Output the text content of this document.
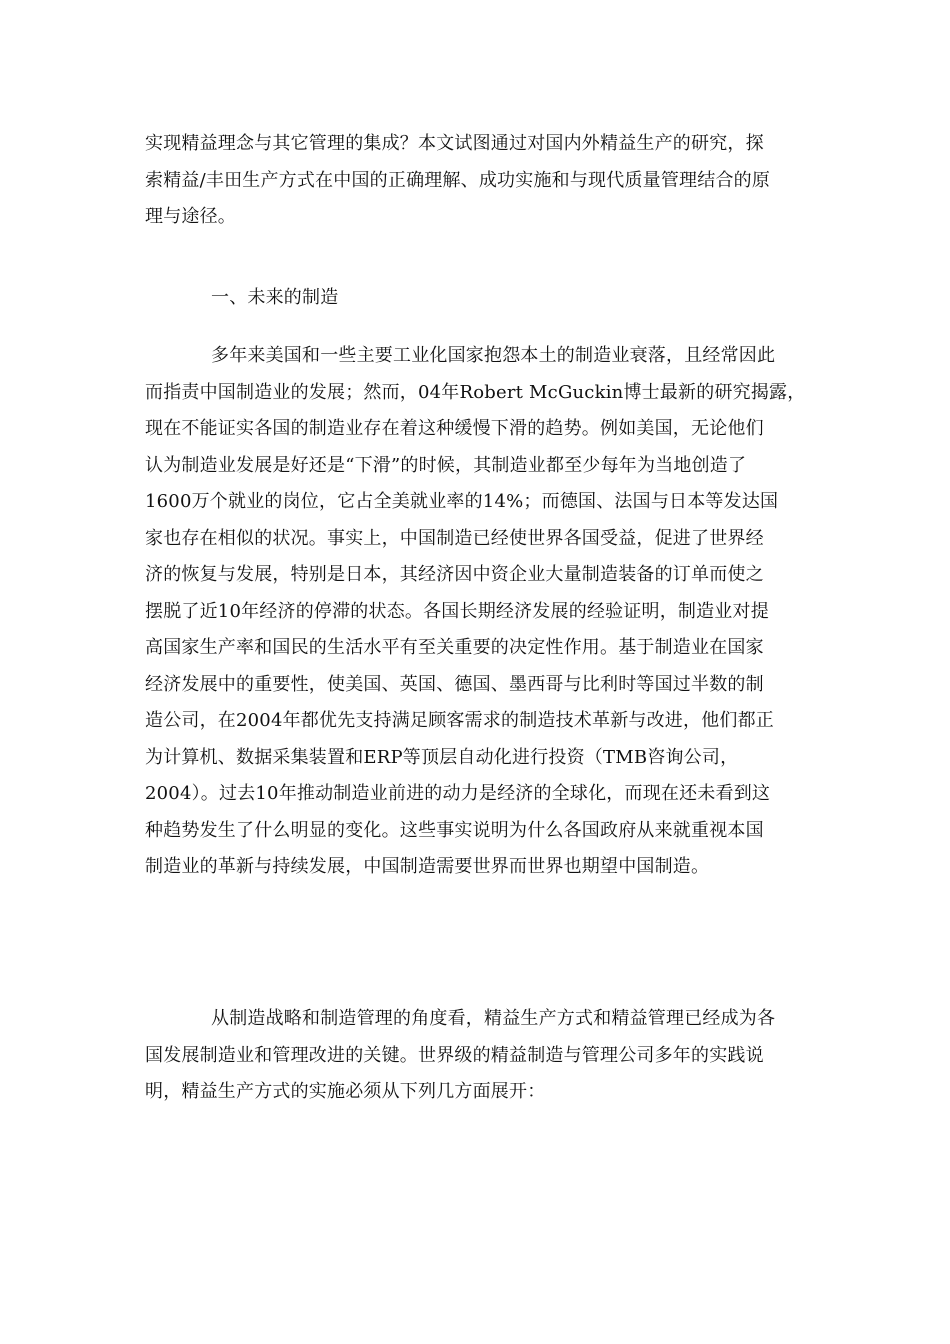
实现精益理念与其它管理的集成？本文试图通过对国内外精益生产的研究，探
索精益/丰田生产方式在中国的正确理解、成功实施和与现代质量管理结合的原
理与途径。

一、未来的制造

多年来美国和一些主要工业化国家抱怨本土的制造业衰落，且经常因此
而指责中国制造业的发展；然而，04年Robert McGuckin博士最新的研究揭露，
现在不能证实各国的制造业存在着这种缓慢下滑的趋势。例如美国，无论他们
认为制造业发展是好还是“下滑”的时候，其制造业都至少每年为当地创造了
1600万个就业的岗位，它占全美就业率的14%；而德国、法国与日本等发达国
家也存在相似的状况。事实上，中国制造已经使世界各国受益，促进了世界经
济的恢复与发展，特别是日本，其经济因中资企业大量制造装备的订单而使之
摆脱了近10年经济的停滞的状态。各国长期经济发展的经验证明，制造业对提
高国家生产率和国民的生活水平有至关重要的决定性作用。基于制造业在国家
经济发展中的重要性，使美国、英国、德国、墨西哥与比利时等国过半数的制
造公司，在2004年都优先支持满足顾客需求的制造技术革新与改进，他们都正
为计算机、数据采集装置和ERP等顶层自动化进行投资（TMB咨询公司，
2004）。过去10年推动制造业前进的动力是经济的全球化，而现在还未看到这
种趋势发生了什么明显的变化。这些事实说明为什么各国政府从来就重视本国
制造业的革新与持续发展，中国制造需要世界而世界也期望中国制造。

从制造战略和制造管理的角度看，精益生产方式和精益管理已经成为各
国发展制造业和管理改进的关键。世界级的精益制造与管理公司多年的实践说
明，精益生产方式的实施必须从下列几方面展开：
